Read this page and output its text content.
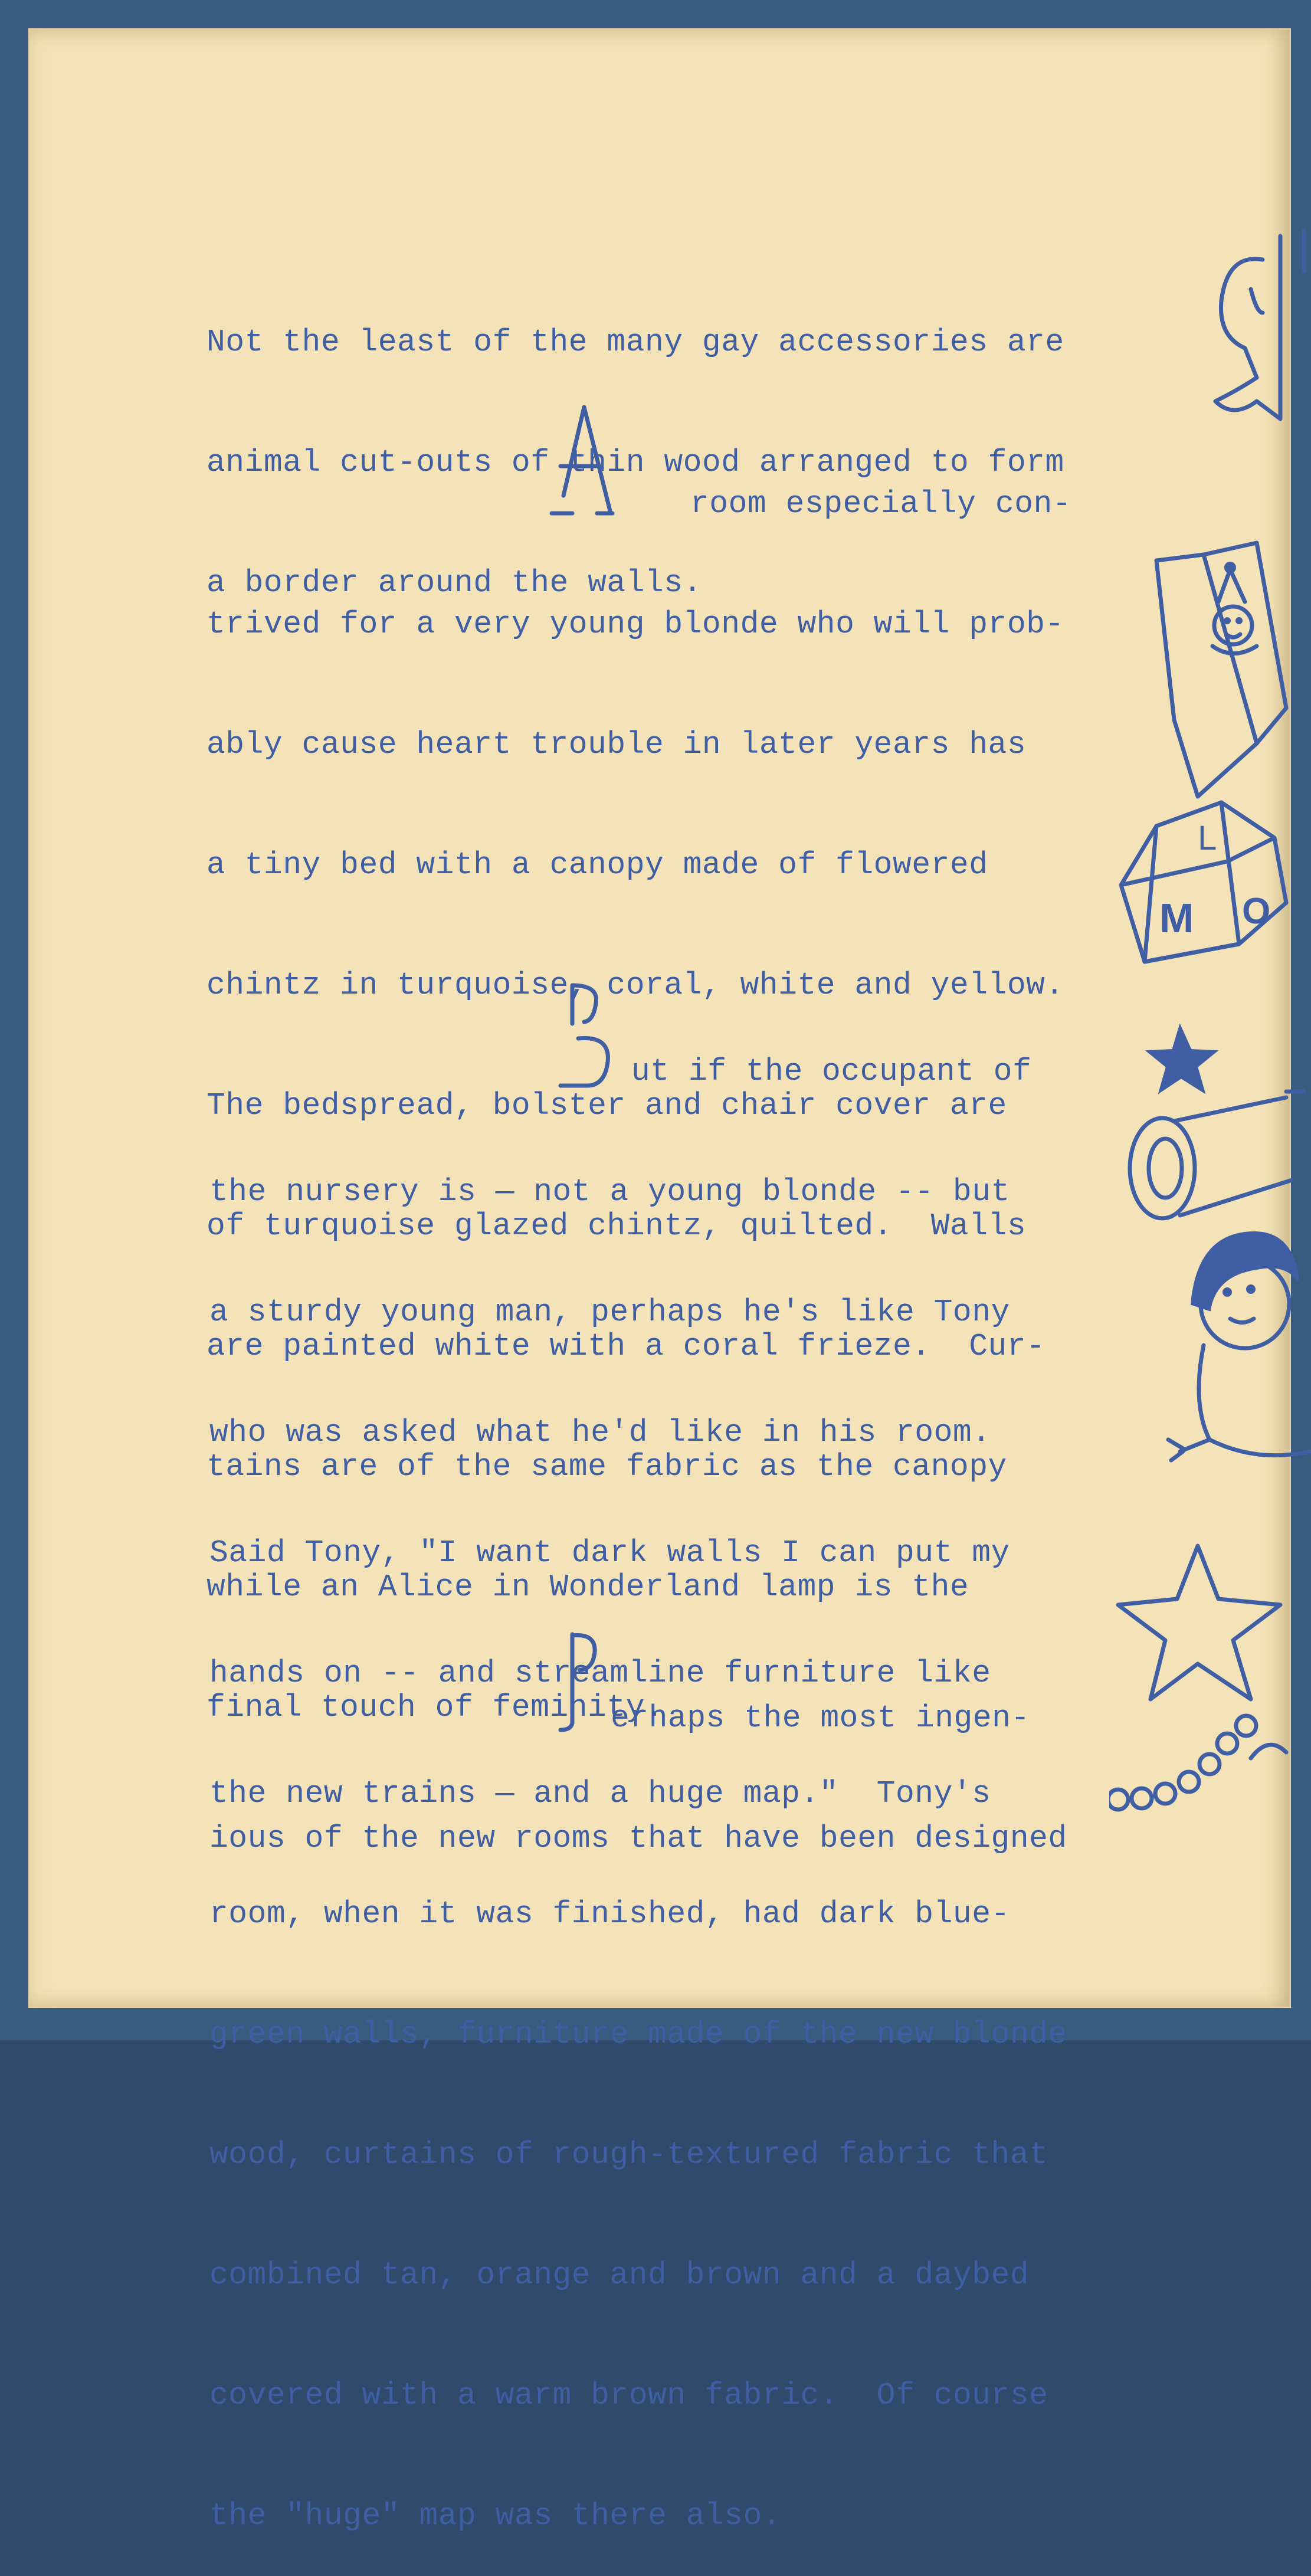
Not the least of the many gay accessories are

animal cut-outs of thin wood arranged to form

a border around the walls.

room especially con-

trived for a very young blonde who will prob-

ably cause heart trouble in later years has

a tiny bed with a canopy made of flowered

chintz in turquoise, coral, white and yellow.

The bedspread, bolster and chair cover are

of turquoise glazed chintz, quilted.  Walls

are painted white with a coral frieze.  Cur-

tains are of the same fabric as the canopy

while an Alice in Wonderland lamp is the

final touch of feminity.

ut if the occupant of

the nursery is — not a young blonde -- but

a sturdy young man, perhaps he's like Tony

who was asked what he'd like in his room.

Said Tony, "I want dark walls I can put my

hands on -- and streamline furniture like

the new trains — and a huge map."  Tony's

room, when it was finished, had dark blue-

green walls, furniture made of the new blonde

wood, curtains of rough-textured fabric that

combined tan, orange and brown and a daybed

covered with a warm brown fabric.  Of course

the "huge" map was there also.

erhaps the most ingen-

ious of the new rooms that have been designed

L
M O
